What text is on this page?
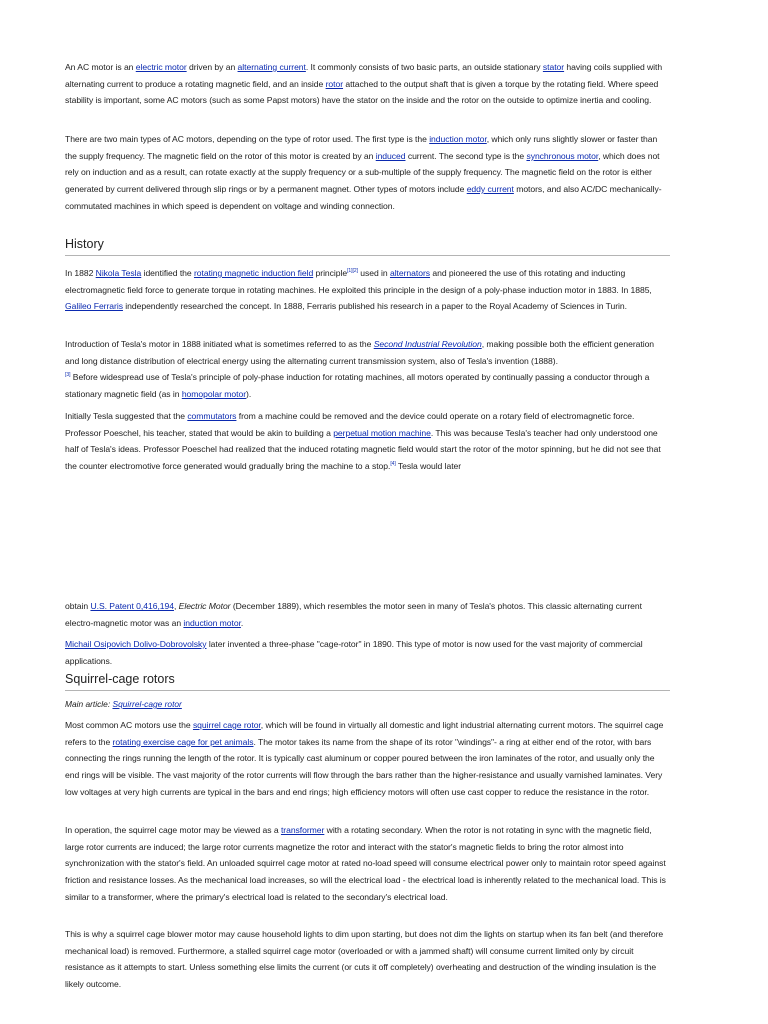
An AC motor is an electric motor driven by an alternating current. It commonly consists of two basic parts, an outside stationary stator having coils supplied with alternating current to produce a rotating magnetic field, and an inside rotor attached to the output shaft that is given a torque by the rotating field. Where speed stability is important, some AC motors (such as some Papst motors) have the stator on the inside and the rotor on the outside to optimize inertia and cooling.

There are two main types of AC motors, depending on the type of rotor used. The first type is the induction motor, which only runs slightly slower or faster than the supply frequency. The magnetic field on the rotor of this motor is created by an induced current. The second type is the synchronous motor, which does not rely on induction and as a result, can rotate exactly at the supply frequency or a sub-multiple of the supply frequency. The magnetic field on the rotor is either generated by current delivered through slip rings or by a permanent magnet. Other types of motors include eddy current motors, and also AC/DC mechanically-commutated machines in which speed is dependent on voltage and winding connection.

History

In 1882 Nikola Tesla identified the rotating magnetic induction field principle[1][2] used in alternators and pioneered the use of this rotating and inducting electromagnetic field force to generate torque in rotating machines. He exploited this principle in the design of a poly-phase induction motor in 1883. In 1885, Galileo Ferraris independently researched the concept. In 1888, Ferraris published his research in a paper to the Royal Academy of Sciences in Turin.

Introduction of Tesla's motor in 1888 initiated what is sometimes referred to as the Second Industrial Revolution, making possible both the efficient generation and long distance distribution of electrical energy using the alternating current transmission system, also of Tesla's invention (1888).
[3] Before widespread use of Tesla's principle of poly-phase induction for rotating machines, all motors operated by continually passing a conductor through a stationary magnetic field (as in homopolar motor).

Initially Tesla suggested that the commutators from a machine could be removed and the device could operate on a rotary field of electromagnetic force. Professor Poeschel, his teacher, stated that would be akin to building a perpetual motion machine. This was because Tesla's teacher had only understood one half of Tesla's ideas. Professor Poeschel had realized that the induced rotating magnetic field would start the rotor of the motor spinning, but he did not see that the counter electromotive force generated would gradually bring the machine to a stop.[4] Tesla would later

obtain U.S. Patent 0,416,194, Electric Motor (December 1889), which resembles the motor seen in many of Tesla's photos. This classic alternating current electro-magnetic motor was an induction motor.

Michail Osipovich Dolivo-Dobrovolsky later invented a three-phase "cage-rotor" in 1890. This type of motor is now used for the vast majority of commercial applications.

Squirrel-cage rotors

Main article: Squirrel-cage rotor

Most common AC motors use the squirrel cage rotor, which will be found in virtually all domestic and light industrial alternating current motors. The squirrel cage refers to the rotating exercise cage for pet animals. The motor takes its name from the shape of its rotor "windings"- a ring at either end of the rotor, with bars connecting the rings running the length of the rotor. It is typically cast aluminum or copper poured between the iron laminates of the rotor, and usually only the end rings will be visible. The vast majority of the rotor currents will flow through the bars rather than the higher-resistance and usually varnished laminates. Very low voltages at very high currents are typical in the bars and end rings; high efficiency motors will often use cast copper to reduce the resistance in the rotor.

In operation, the squirrel cage motor may be viewed as a transformer with a rotating secondary. When the rotor is not rotating in sync with the magnetic field, large rotor currents are induced; the large rotor currents magnetize the rotor and interact with the stator's magnetic fields to bring the rotor almost into synchronization with the stator's field. An unloaded squirrel cage motor at rated no-load speed will consume electrical power only to maintain rotor speed against friction and resistance losses. As the mechanical load increases, so will the electrical load - the electrical load is inherently related to the mechanical load. This is similar to a transformer, where the primary's electrical load is related to the secondary's electrical load.

This is why a squirrel cage blower motor may cause household lights to dim upon starting, but does not dim the lights on startup when its fan belt (and therefore mechanical load) is removed. Furthermore, a stalled squirrel cage motor (overloaded or with a jammed shaft) will consume current limited only by circuit resistance as it attempts to start. Unless something else limits the current (or cuts it off completely) overheating and destruction of the winding insulation is the likely outcome.
